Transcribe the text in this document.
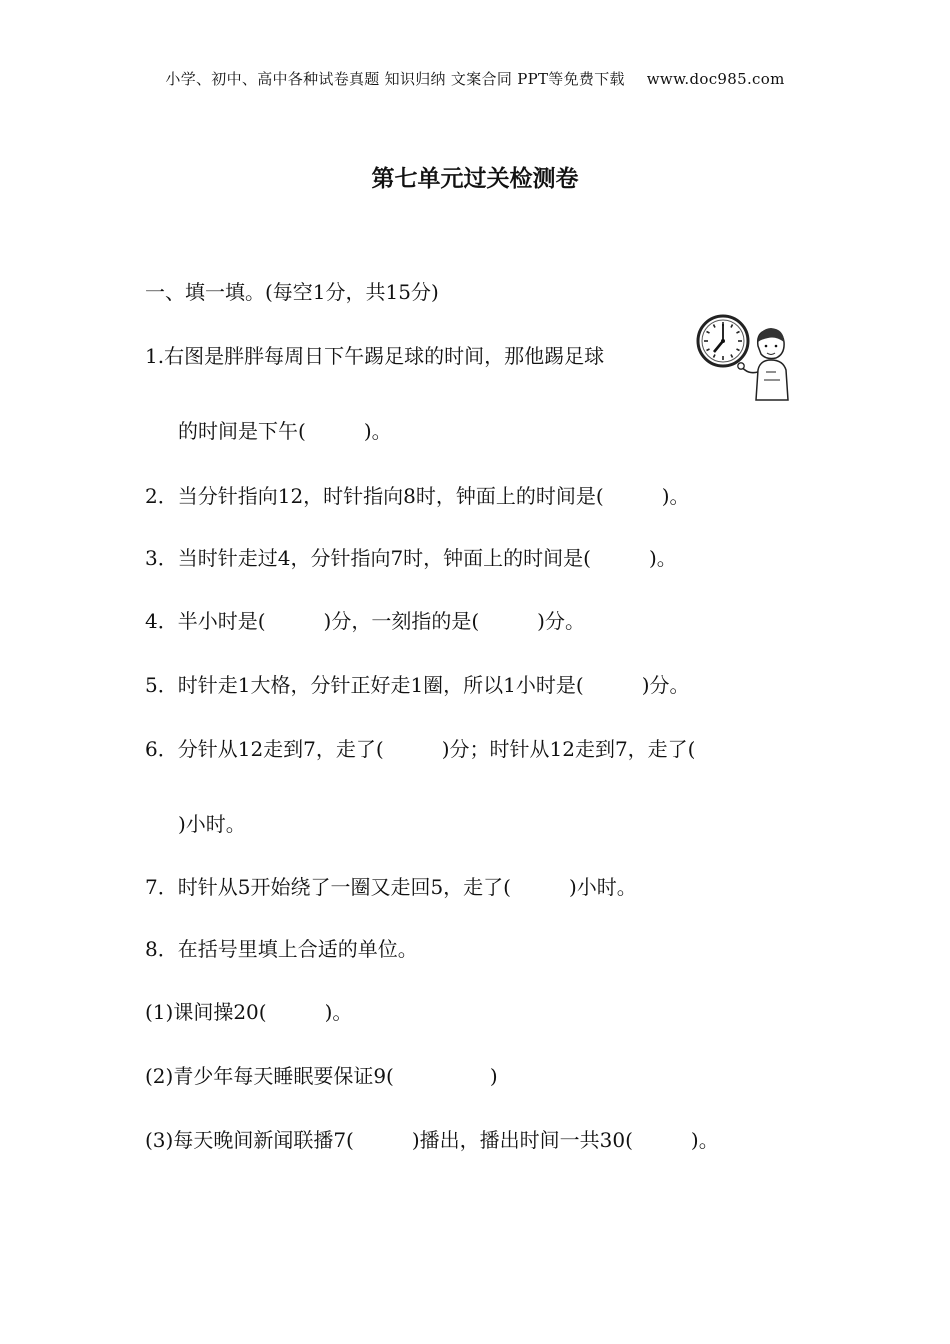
小学、初中、高中各种试卷真题 知识归纳 文案合同 PPT等免费下载 www.doc985.com
第七单元过关检测卷
一、填一填。(每空1分，共15分)
1.右图是胖胖每周日下午踢足球的时间，那他踢足球
的时间是下午(	)。
2．当分针指向12，时针指向8时，钟面上的时间是(	)。
3．当时针走过4，分针指向7时，钟面上的时间是(	)。
4．半小时是(	)分，一刻指的是(	)分。
5．时针走1大格，分针正好走1圈，所以1小时是(	)分。
6．分针从12走到7，走了(	)分；时针从12走到7，走了(
)小时。
7．时针从5开始绕了一圈又走回5，走了(	)小时。
8．在括号里填上合适的单位。
(1)课间操20(	)。
(2)青少年每天睡眠要保证9(	)
(3)每天晚间新闻联播7(	)播出，播出时间一共30(	)。
